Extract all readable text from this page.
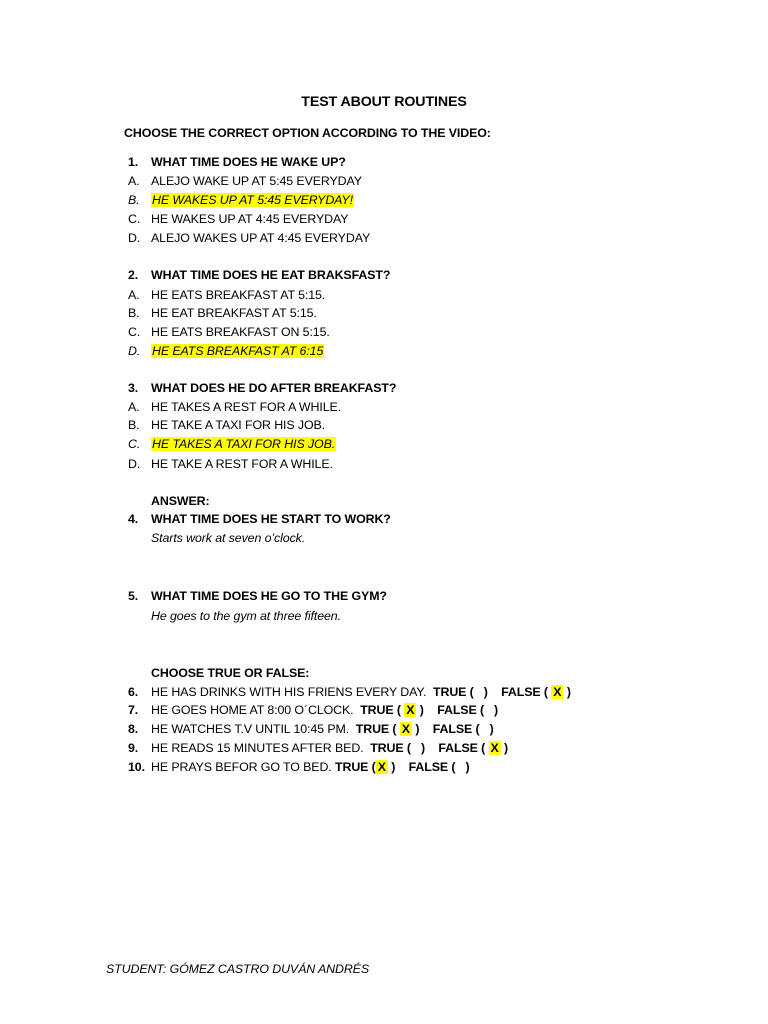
TEST ABOUT ROUTINES
CHOOSE THE CORRECT OPTION ACCORDING TO THE VIDEO:
1. WHAT TIME DOES HE WAKE UP?
A. ALEJO WAKE UP AT 5:45 EVERYDAY
B. HE WAKES UP AT 5:45 EVERYDAY!
C. HE WAKES UP AT 4:45 EVERYDAY
D. ALEJO WAKES UP AT 4:45 EVERYDAY
2. WHAT TIME DOES HE EAT BRAKSFAST?
A. HE EATS BREAKFAST AT 5:15.
B. HE EAT BREAKFAST AT 5:15.
C. HE EATS BREAKFAST ON 5:15.
D. HE EATS BREAKFAST AT 6:15
3. WHAT DOES HE DO AFTER BREAKFAST?
A. HE TAKES A REST FOR A WHILE.
B. HE TAKE A TAXI FOR HIS JOB.
C. HE TAKES A TAXI FOR HIS JOB.
D. HE TAKE A REST FOR A WHILE.
ANSWER:
4. WHAT TIME DOES HE START TO WORK?
Starts work at seven o’clock.
5. WHAT TIME DOES HE GO TO THE GYM?
He goes to the gym at three fifteen.
CHOOSE TRUE OR FALSE:
6. HE HAS DRINKS WITH HIS FRIENS EVERY DAY. TRUE ( ) FALSE ( X )
7. HE GOES HOME AT 8:00 O´CLOCK. TRUE ( X ) FALSE ( )
8. HE WATCHES T.V UNTIL 10:45 PM. TRUE ( X ) FALSE ( )
9. HE READS 15 MINUTES AFTER BED. TRUE ( ) FALSE ( X )
10. HE PRAYS BEFOR GO TO BED. TRUE ( X ) FALSE ( )
STUDENT: GÓMEZ CASTRO DUVÁN ANDRÉS
